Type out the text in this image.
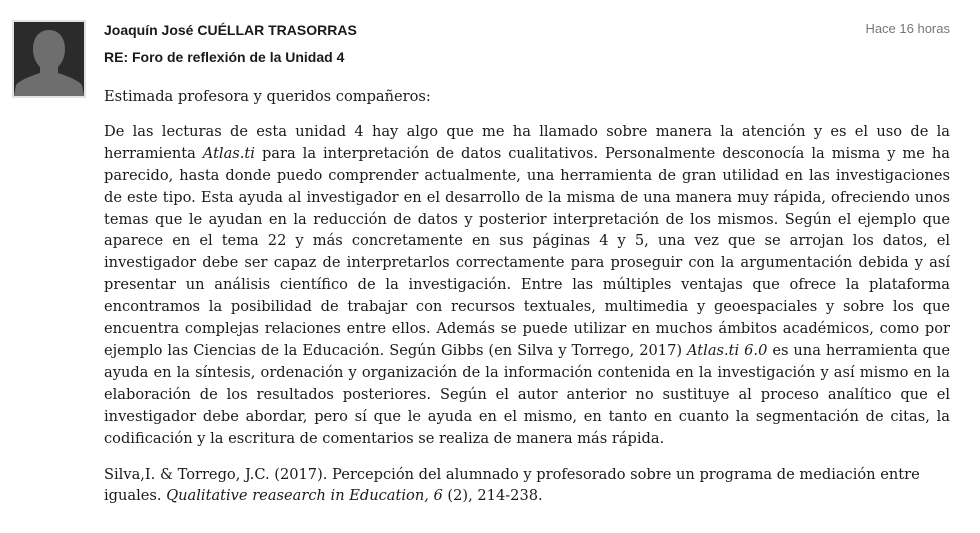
Joaquín José CUÉLLAR TRASORRAS
RE: Foro de reflexión de la Unidad 4
Hace 16 horas

Estimada profesora y queridos compañeros:

De las lecturas de esta unidad 4 hay algo que me ha llamado sobre manera la atención y es el uso de la herramienta Atlas.ti para la interpretación de datos cualitativos. Personalmente desconocía la misma y me ha parecido, hasta donde puedo comprender actualmente, una herramienta de gran utilidad en las investigaciones de este tipo. Esta ayuda al investigador en el desarrollo de la misma de una manera muy rápida, ofreciendo unos temas que le ayudan en la reducción de datos y posterior interpretación de los mismos. Según el ejemplo que aparece en el tema 22 y más concretamente en sus páginas 4 y 5, una vez que se arrojan los datos, el investigador debe ser capaz de interpretarlos correctamente para proseguir con la argumentación debida y así presentar un análisis científico de la investigación. Entre las múltiples ventajas que ofrece la plataforma encontramos la posibilidad de trabajar con recursos textuales, multimedia y geoespaciales y sobre los que encuentra complejas relaciones entre ellos. Además se puede utilizar en muchos ámbitos académicos, como por ejemplo las Ciencias de la Educación. Según Gibbs (en Silva y Torrego, 2017) Atlas.ti 6.0 es una herramienta que ayuda en la síntesis, ordenación y organización de la información contenida en la investigación y así mismo en la elaboración de los resultados posteriores. Según el autor anterior no sustituye al proceso analítico que el investigador debe abordar, pero sí que le ayuda en el mismo, en tanto en cuanto la segmentación de citas, la codificación y la escritura de comentarios se realiza de manera más rápida.

Silva,I. & Torrego, J.C. (2017). Percepción del alumnado y profesorado sobre un programa de mediación entre iguales. Qualitative reasearch in Education, 6 (2), 214-238.
